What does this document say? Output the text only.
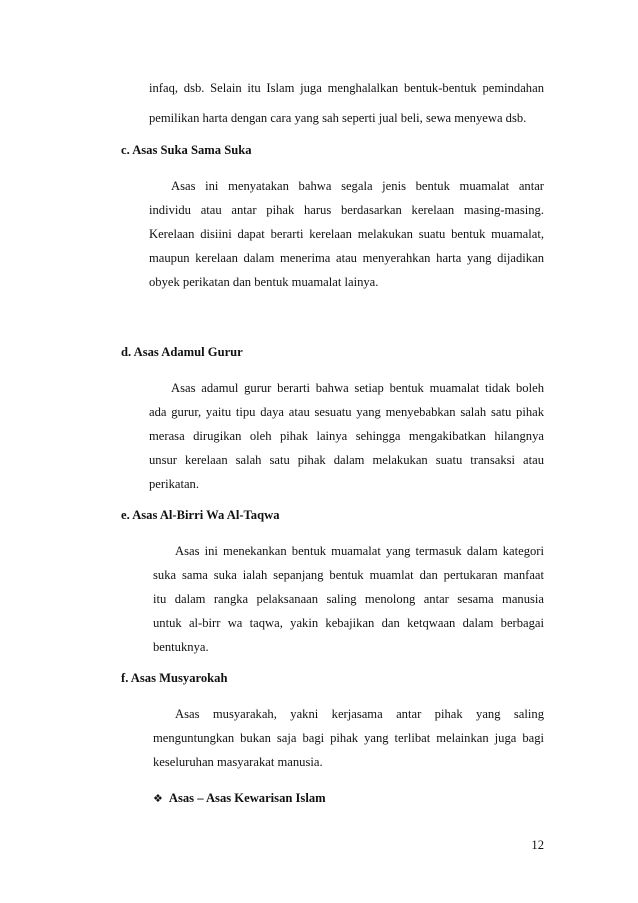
infaq, dsb. Selain itu Islam juga menghalalkan bentuk-bentuk pemindahan
pemilikan harta dengan cara yang sah seperti jual beli, sewa menyewa dsb.
c. Asas Suka Sama Suka
Asas ini menyatakan bahwa segala jenis bentuk muamalat antar
individu atau antar pihak harus berdasarkan kerelaan masing-masing.
Kerelaan disiini dapat berarti kerelaan melakukan suatu bentuk muamalat,
maupun kerelaan dalam menerima atau menyerahkan harta yang dijadikan
obyek perikatan dan bentuk muamalat lainya.
d. Asas Adamul Gurur
Asas adamul gurur berarti bahwa setiap bentuk muamalat tidak boleh
ada gurur, yaitu tipu daya atau sesuatu yang menyebabkan salah satu pihak
merasa dirugikan oleh pihak lainya sehingga mengakibatkan hilangnya
unsur kerelaan salah satu pihak dalam melakukan suatu transaksi atau
perikatan.
e. Asas Al-Birri Wa Al-Taqwa
Asas ini menekankan bentuk muamalat yang termasuk dalam kategori
suka sama suka ialah sepanjang bentuk muamlat dan pertukaran manfaat
itu dalam rangka pelaksanaan saling menolong antar sesama manusia
untuk al-birr wa taqwa, yakin kebajikan dan ketqwaan dalam berbagai
bentuknya.
f. Asas Musyarokah
Asas musyarakah, yakni kerjasama antar pihak yang saling
menguntungkan bukan saja bagi pihak yang terlibat melainkan juga bagi
keseluruhan masyarakat manusia.
❖ Asas – Asas Kewarisan Islam
12
